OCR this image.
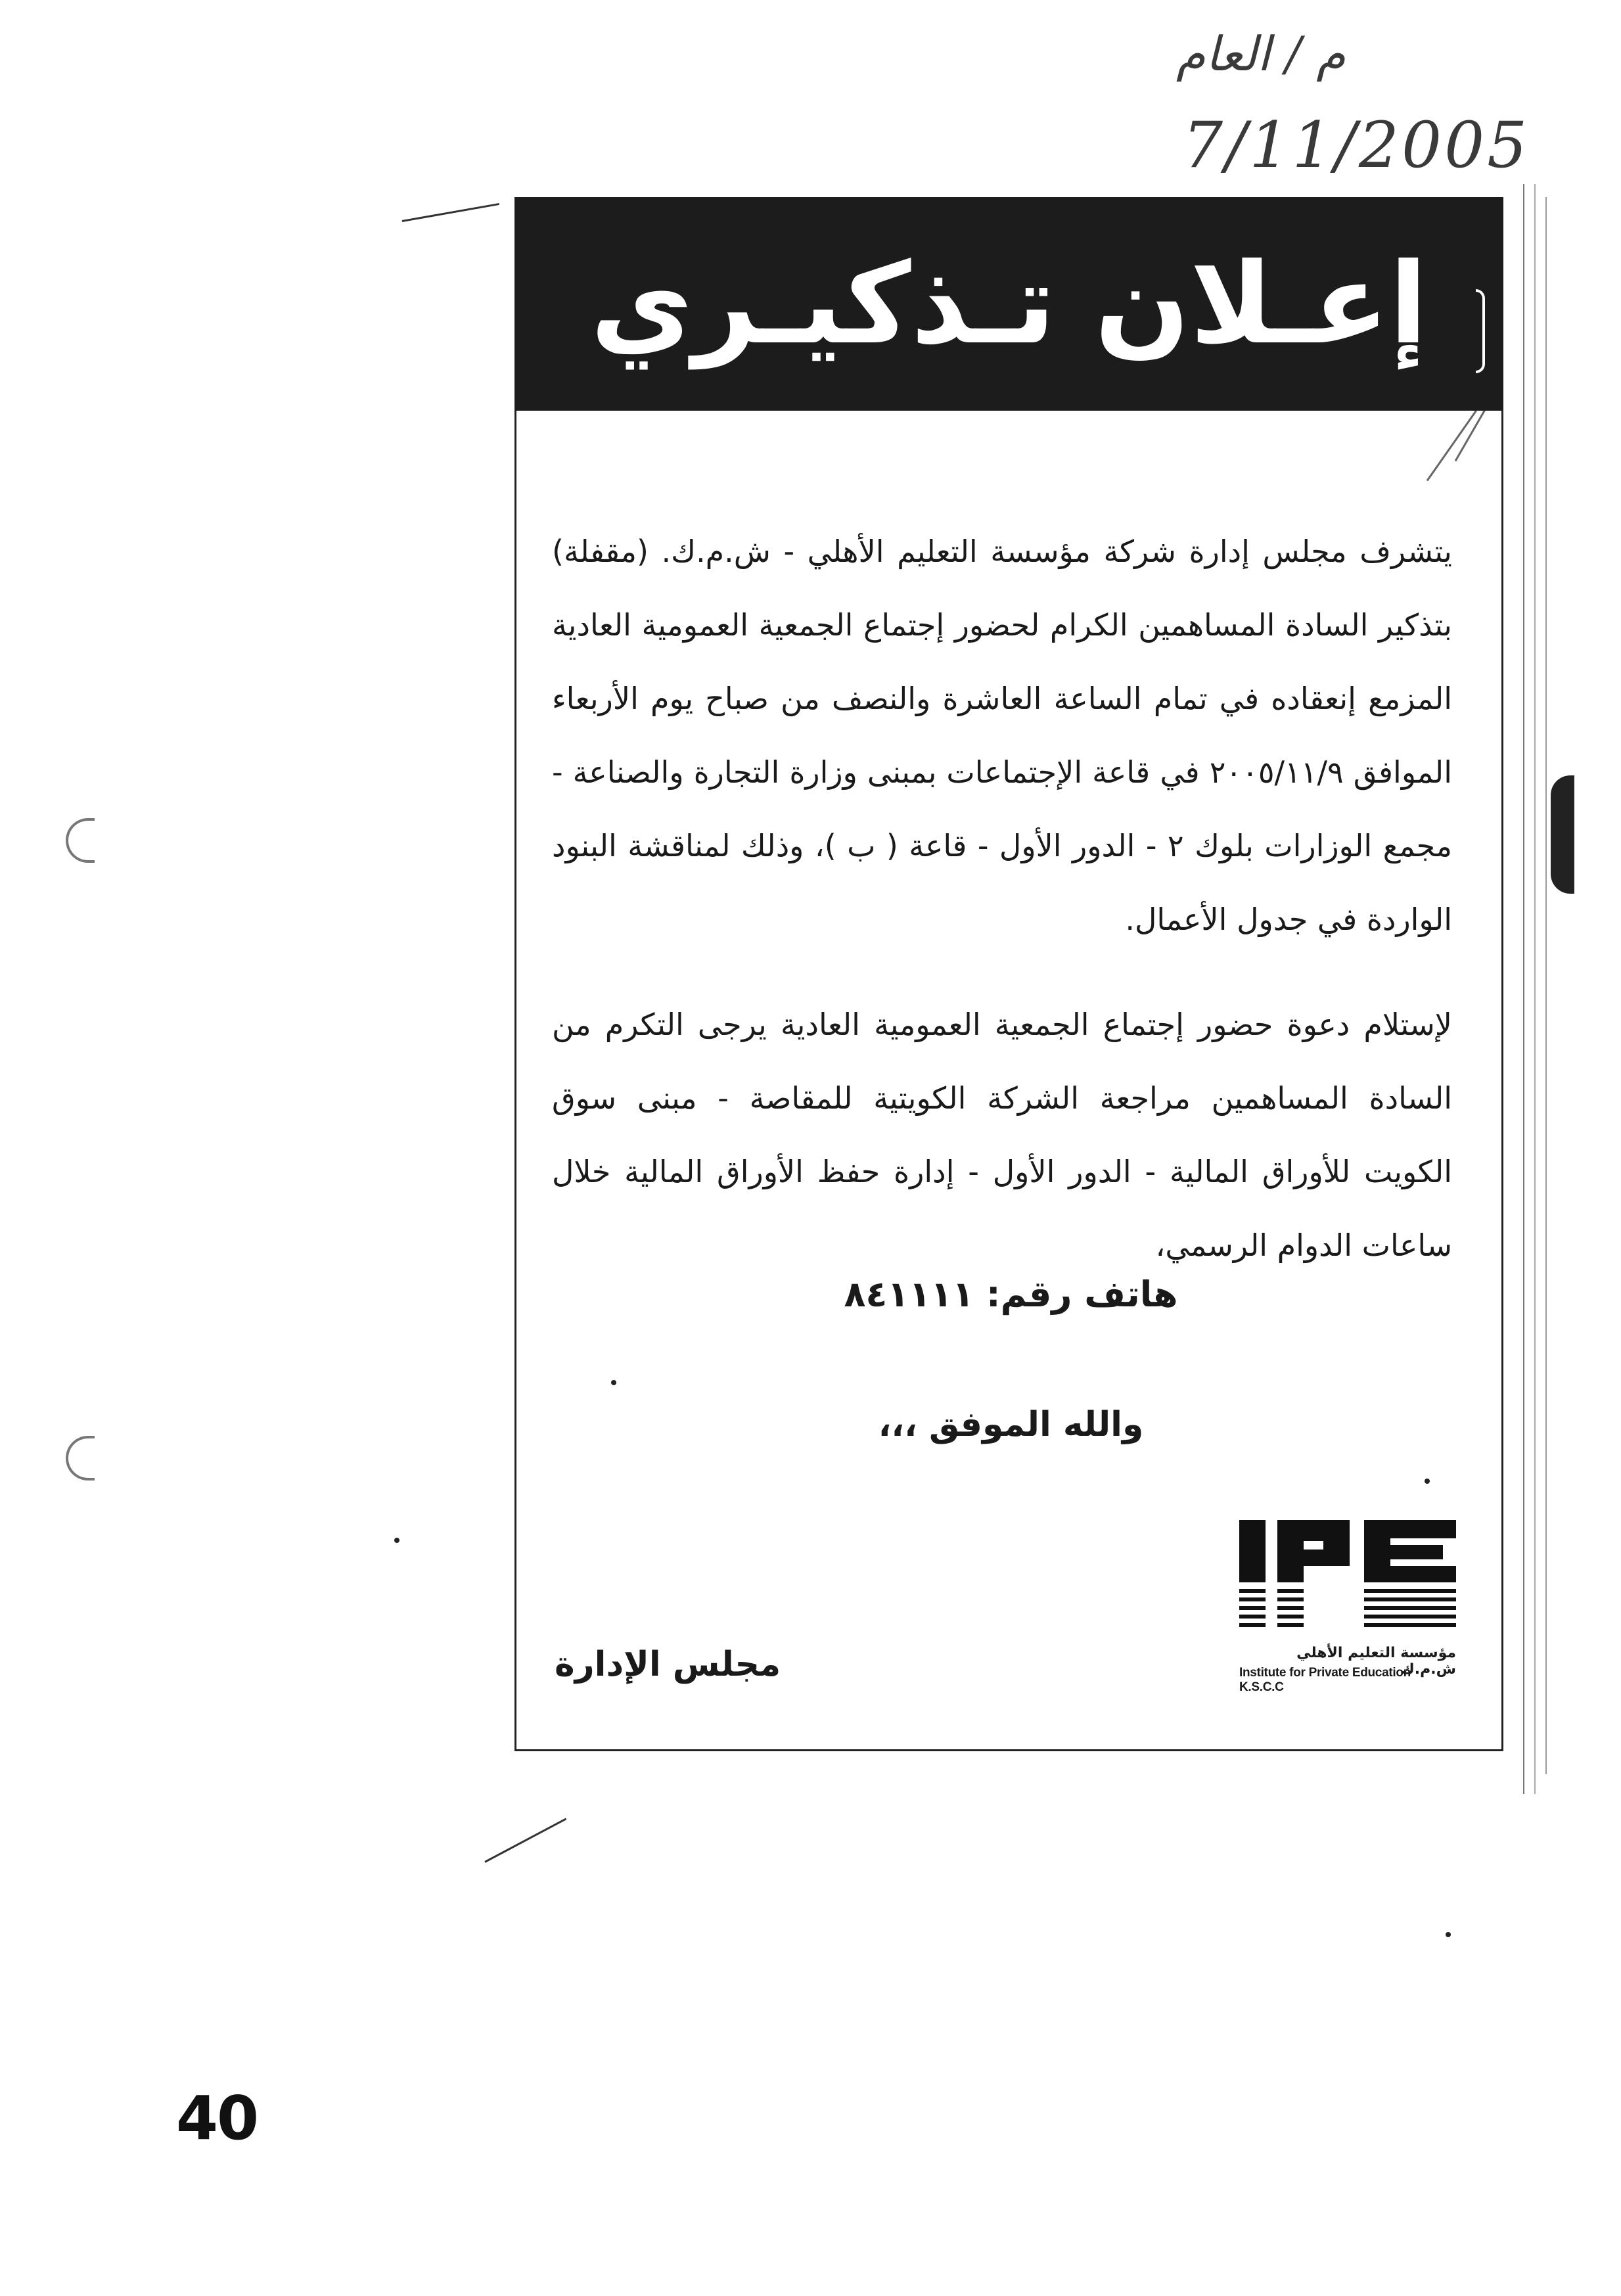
م / العام
7/11/2005
إعـلان تـذكيـري
يتشرف مجلس إدارة شركة مؤسسة التعليم الأهلي - ش.م.ك. (مقفلة) بتذكير السادة المساهمين الكرام لحضور إجتماع الجمعية العمومية العادية المزمع إنعقاده في تمام الساعة العاشرة والنصف من صباح يوم الأربعاء الموافق ٢٠٠٥/١١/٩ في قاعة الإجتماعات بمبنى وزارة التجارة والصناعة - مجمع الوزارات بلوك ٢ - الدور الأول - قاعة ( ب )، وذلك لمناقشة البنود الواردة في جدول الأعمال.
لإستلام دعوة حضور إجتماع الجمعية العمومية العادية يرجى التكرم من السادة المساهمين مراجعة الشركة الكويتية للمقاصة - مبنى سوق الكويت للأوراق المالية - الدور الأول - إدارة حفظ الأوراق المالية خلال ساعات الدوام الرسمي،
هاتف رقم: ٨٤١١١١
والله الموفق ،،،
مجلس الإدارة	مؤسسة التعليم الأهلي ش.م.ك
Institute for Private Education K.S.C.C
40
